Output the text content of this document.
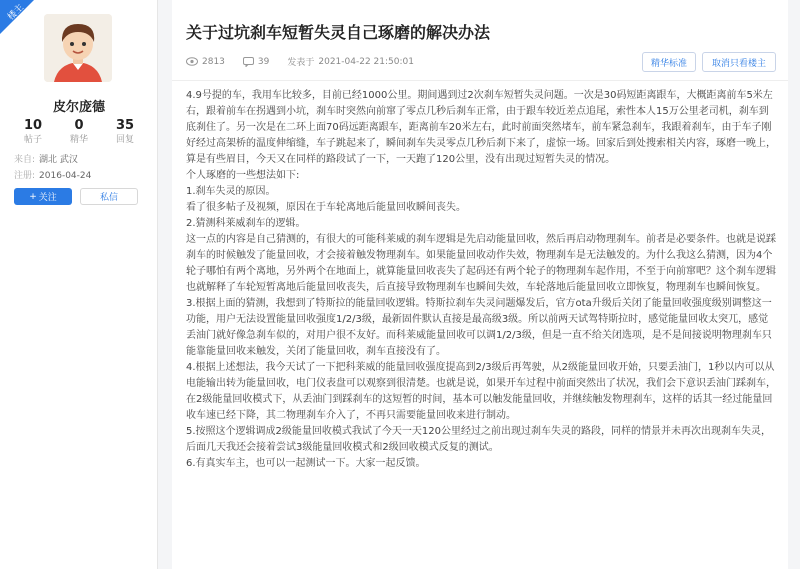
楼主
皮尔庞德
10
帖子
0
精华
35
回复
来自: 湖北 武汉
注册: 2016-04-24
+ 关注	私信
关于过坑刹车短暂失灵自己琢磨的解决办法
2813	39 发表于 2021-04-22 21:50:01	精华标准	取消只看楼主

4.9号提的车，我用车比较多，目前已经1000公里。期间遇到过2次刹车短暂失灵问题。一次是30码短距离跟车，大概距离前车5米左右，跟着前车在拐遇到小坑，刹车时突然向前窜了零点几秒后刹车正常，由于跟车较近差点追尾，索性本人15万公里老司机，刹车到底刹住了。另一次是在二环上面70码远距离跟车，距离前车20米左右，此时前面突然堵车，前车紧急刹车，我跟着刹车，由于车子刚好经过高架桥的温度伸缩缝，车子跳起来了，瞬间刹车失灵零点几秒后刹下来了，虚惊一场。回家后到处搜索相关内容，琢磨一晚上，算是有些眉目，今天又在同样的路段试了一下，一天跑了120公里，没有出现过短暂失灵的情况。

个人琢磨的一些想法如下:

1.刹车失灵的原因。

看了很多帖子及视频，原因在于车轮离地后能量回收瞬间丧失。

2.猜测科莱威刹车的逻辑。

这一点的内容是自己猜测的，有很大的可能科莱威的刹车逻辑是先启动能量回收，然后再启动物理刹车。前者是必要条件。也就是说踩刹车的时候触发了能量回收，才会接着触发物理刹车。如果能量回收动作失效，物理刹车是无法触发的。为什么我这么猜测，因为4个轮子哪怕有两个离地，另外两个在地面上，就算能量回收丧失了起码还有两个轮子的物理刹车起作用，不至于向前窜吧？这个刹车逻辑也就解释了车轮短暂离地后能量回收丧失，后直接导致物理刹车也瞬间失效，车轮落地后能量回收立即恢复，物理刹车也瞬间恢复。

3.根据上面的猜测，我想到了特斯拉的能量回收逻辑。特斯拉刹车失灵问题爆发后，官方ota升级后关闭了能量回收强度级别调整这一功能，用户无法设置能量回收强度1/2/3级，最新固件默认直接是最高级3级。所以前两天试驾特斯拉时，感觉能量回收太突兀，感觉丢油门就好像急刹车似的，对用户很不友好。而科莱威能量回收可以调1/2/3级，但是一直不给关闭选项，是不是间接说明物理刹车只能靠能量回收来触发，关闭了能量回收，刹车直接没有了。

4.根据上述想法，我今天试了一下把科莱威的能量回收强度提高到2/3级后再驾驶，从2级能量回收开始，只要丢油门，1秒以内可以从电能输出转为能量回收，电门仪表盘可以观察到很清楚。也就是说，如果开车过程中前面突然出了状况，我们会下意识丢油门踩刹车，在2级能量回收模式下，从丢油门到踩刹车的这短暂的时间，基本可以触发能量回收，并继续触发物理刹车，这样的话其一经过能量回收车速已经下降，其二物理刹车介入了，不再只需要能量回收来进行制动。

5.按照这个逻辑调成2级能量回收模式我试了今天一天120公里经过之前出现过刹车失灵的路段，同样的情景并未再次出现刹车失灵，后面几天我还会接着尝试3级能量回收模式和2级回收模式反复的测试。

6.有真实车主，也可以一起测试一下。大家一起反馈。
